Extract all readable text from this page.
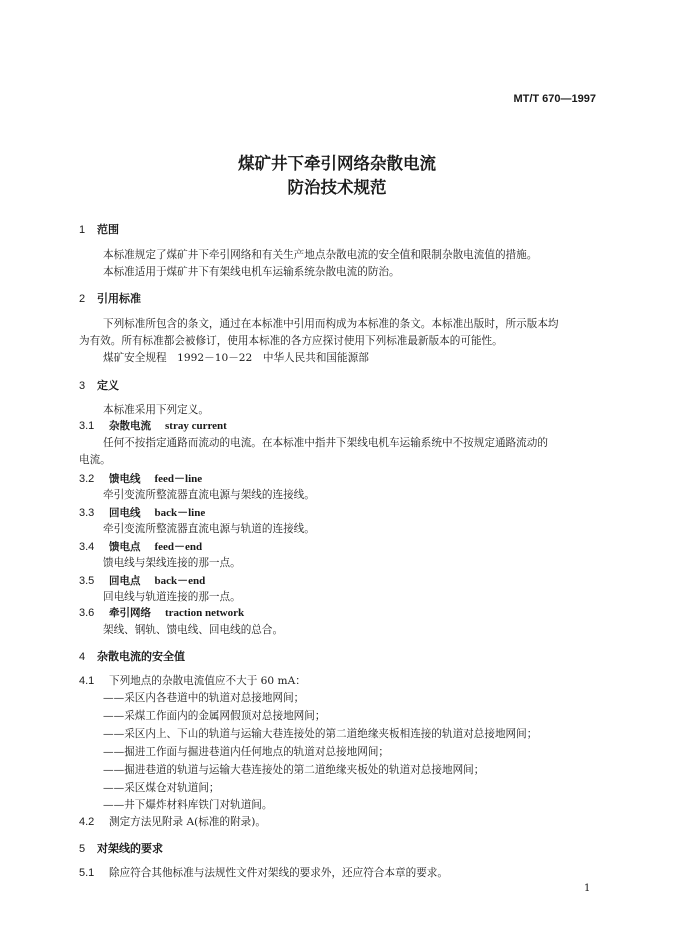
MT/T 670—1997
煤矿井下牵引网络杂散电流
防治技术规范
1 范围
本标准规定了煤矿井下牵引网络和有关生产地点杂散电流的安全值和限制杂散电流值的措施。
本标准适用于煤矿井下有架线电机车运输系统杂散电流的防治。
2 引用标准
下列标准所包含的条文，通过在本标准中引用而构成为本标准的条文。本标准出版时，所示版本均
为有效。所有标准都会被修订，使用本标准的各方应探讨使用下列标准最新版本的可能性。
煤矿安全规程　1992－10－22　中华人民共和国能源部
3 定义
本标准采用下列定义。
3.1 杂散电流 stray current
任何不按指定通路而流动的电流。在本标准中指井下架线电机车运输系统中不按规定通路流动的
电流。
3.2 馈电线 feed－line
牵引变流所整流器直流电源与架线的连接线。
3.3 回电线 back－line
牵引变流所整流器直流电源与轨道的连接线。
3.4 馈电点 feed－end
馈电线与架线连接的那一点。
3.5 回电点 back－end
回电线与轨道连接的那一点。
3.6 牵引网络 traction network
架线、钢轨、馈电线、回电线的总合。
4 杂散电流的安全值
4.1 下列地点的杂散电流值应不大于 60 mA：
——采区内各巷道中的轨道对总接地网间；
——采煤工作面内的金属网假顶对总接地网间；
——采区内上、下山的轨道与运输大巷连接处的第二道绝缘夹板相连接的轨道对总接地网间；
——掘进工作面与掘进巷道内任何地点的轨道对总接地网间；
——掘进巷道的轨道与运输大巷连接处的第二道绝缘夹板处的轨道对总接地网间；
——采区煤仓对轨道间；
——井下爆炸材料库铁门对轨道间。
4.2 测定方法见附录 A(标准的附录)。
5 对架线的要求
5.1 除应符合其他标准与法规性文件对架线的要求外，还应符合本章的要求。
1
